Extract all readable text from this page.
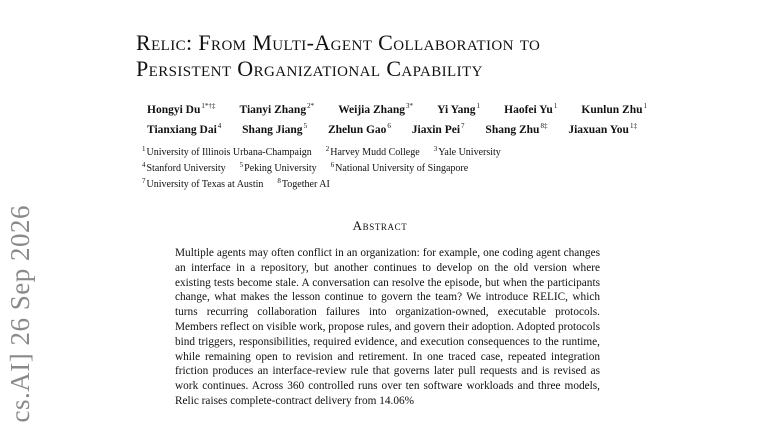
cs.AI] 26 Sep 2026
Relic: From Multi-Agent Collaboration to
Persistent Organizational Capability
Hongyi $Du^{1*\dagger\ddagger}$ Tianyi Zhang$^{2*}$ Weijia Zhang$^{3*}$ Yi Yang$^1$ Haofei Yu$^1$ Kunlun Zhu$^1$
Tianxiang Dai$^4$ Shang Jiang$^5$ Zhelun Gao$^6$ Jiaxin Pei$^7$ Shang Zhu$^{8\ddagger}$ Jiaxuan You$^{1\ddagger}$
$^1$University of Illinois Urbana-Champaign $^2$Harvey Mudd College $^3$Yale University
$^4$Stanford University $^5$Peking University $^6$National University of Singapore
$^7$University of Texas at Austin $^8$Together AI
Abstract
Multiple agents may often conflict in an organization: for example, one coding agent changes an interface in a repository, but another continues to develop on the old version where existing tests become stale. A conversation can resolve the episode, but when the participants change, what makes the lesson continue to govern the team? We introduce RELIC, which turns recurring collaboration failures into organization-owned, executable protocols. Members reflect on visible work, propose rules, and govern their adoption. Adopted protocols bind triggers, responsibilities, required evidence, and execution consequences to the runtime, while remaining open to revision and retirement. In one traced case, repeated integration friction produces an interface-review rule that governs later pull requests and is revised as work continues. Across 360 controlled runs over ten software workloads and three models, Relic raises complete-contract delivery from 14.06%
